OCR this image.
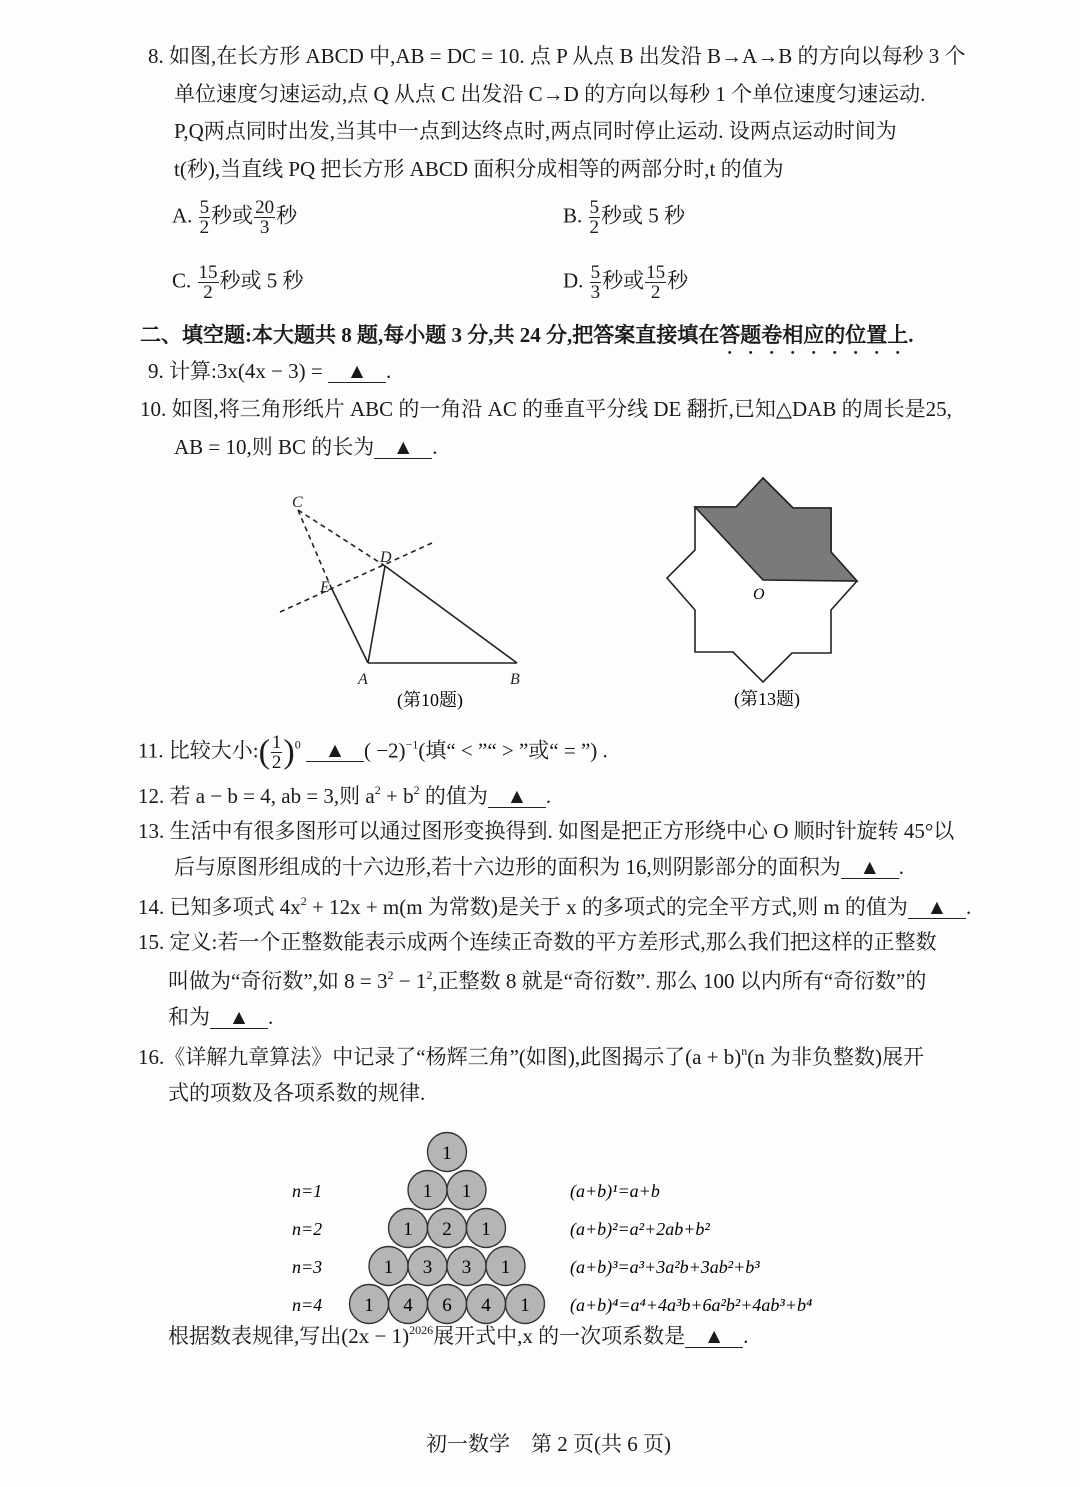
8. 如图,在长方形 ABCD 中,AB = DC = 10. 点 P 从点 B 出发沿 B→A→B 的方向以每秒 3 个
单位速度匀速运动,点 Q 从点 C 出发沿 C→D 的方向以每秒 1 个单位速度匀速运动.
P,Q两点同时出发,当其中一点到达终点时,两点同时停止运动. 设两点运动时间为
t(秒),当直线 PQ 把长方形 ABCD 面积分成相等的两部分时,t 的值为
A. $\frac{5}{2}$ 秒或 $\frac{20}{3}$ 秒	B. $\frac{5}{2}$ 秒或 5 秒
C. $\frac{15}{2}$ 秒或 5 秒	D. $\frac{5}{3}$ 秒或 $\frac{15}{2}$ 秒
二、填空题:本大题共 8 题,每小题 3 分,共 24 分,把答案直接填在答题卷相应的位置上.
9. 计算:3x(4x − 3) = ▲ .
10. 如图,将三角形纸片 ABC 的一角沿 AC 的垂直平分线 DE 翻折,已知△DAB 的周长是25,
AB = 10,则 BC 的长为 ▲ .
C
D
E
A	B
(第10题)
O
(第13题)
1
1 1
n=1	(a+b)¹=a+b
1 2 1
n=2	(a+b)²=a²+2ab+b²
1 3 3 1
n=3	(a+b)³=a³+3a²b+3ab²+b³
1 4 6 4 1
n=4	(a+b)⁴=a⁴+4a³b+6a²b²+4ab³+b⁴
11. 比较大小:( $\frac{1}{2} )^0$ ▲ ( −2)$^{-1}$(填“ < ”“ > ”或“ = ”) .
12. 若 a − b = 4, ab = 3,则 $a^2 + b^2$ 的值为 ▲ .
13. 生活中有很多图形可以通过图形变换得到. 如图是把正方形绕中心 O 顺时针旋转 45°以
后与原图形组成的十六边形,若十六边形的面积为 16,则阴影部分的面积为 ▲ .
14. 已知多项式 $4x^2 + 12x + m(m$ 为常数)是关于 x 的多项式的完全平方式,则 m 的值为 ▲ .
15. 定义:若一个正整数能表示成两个连续正奇数的平方差形式,那么我们把这样的正整数
叫做为“奇衍数”,如 $8 = 3^2 - 1^2$,正整数 8 就是“奇衍数”. 那么 100 以内所有“奇衍数”的
和为 ▲ .
16.《详解九章算法》中记录了“杨辉三角”(如图),此图揭示了$(a + b)^n(n$ 为非负整数)展开
式的项数及各项系数的规律.
根据数表规律,写出$(2x - 1)^{2026}$展开式中,x 的一次项系数是 ▲ .
初一数学　第 2 页(共 6 页)
